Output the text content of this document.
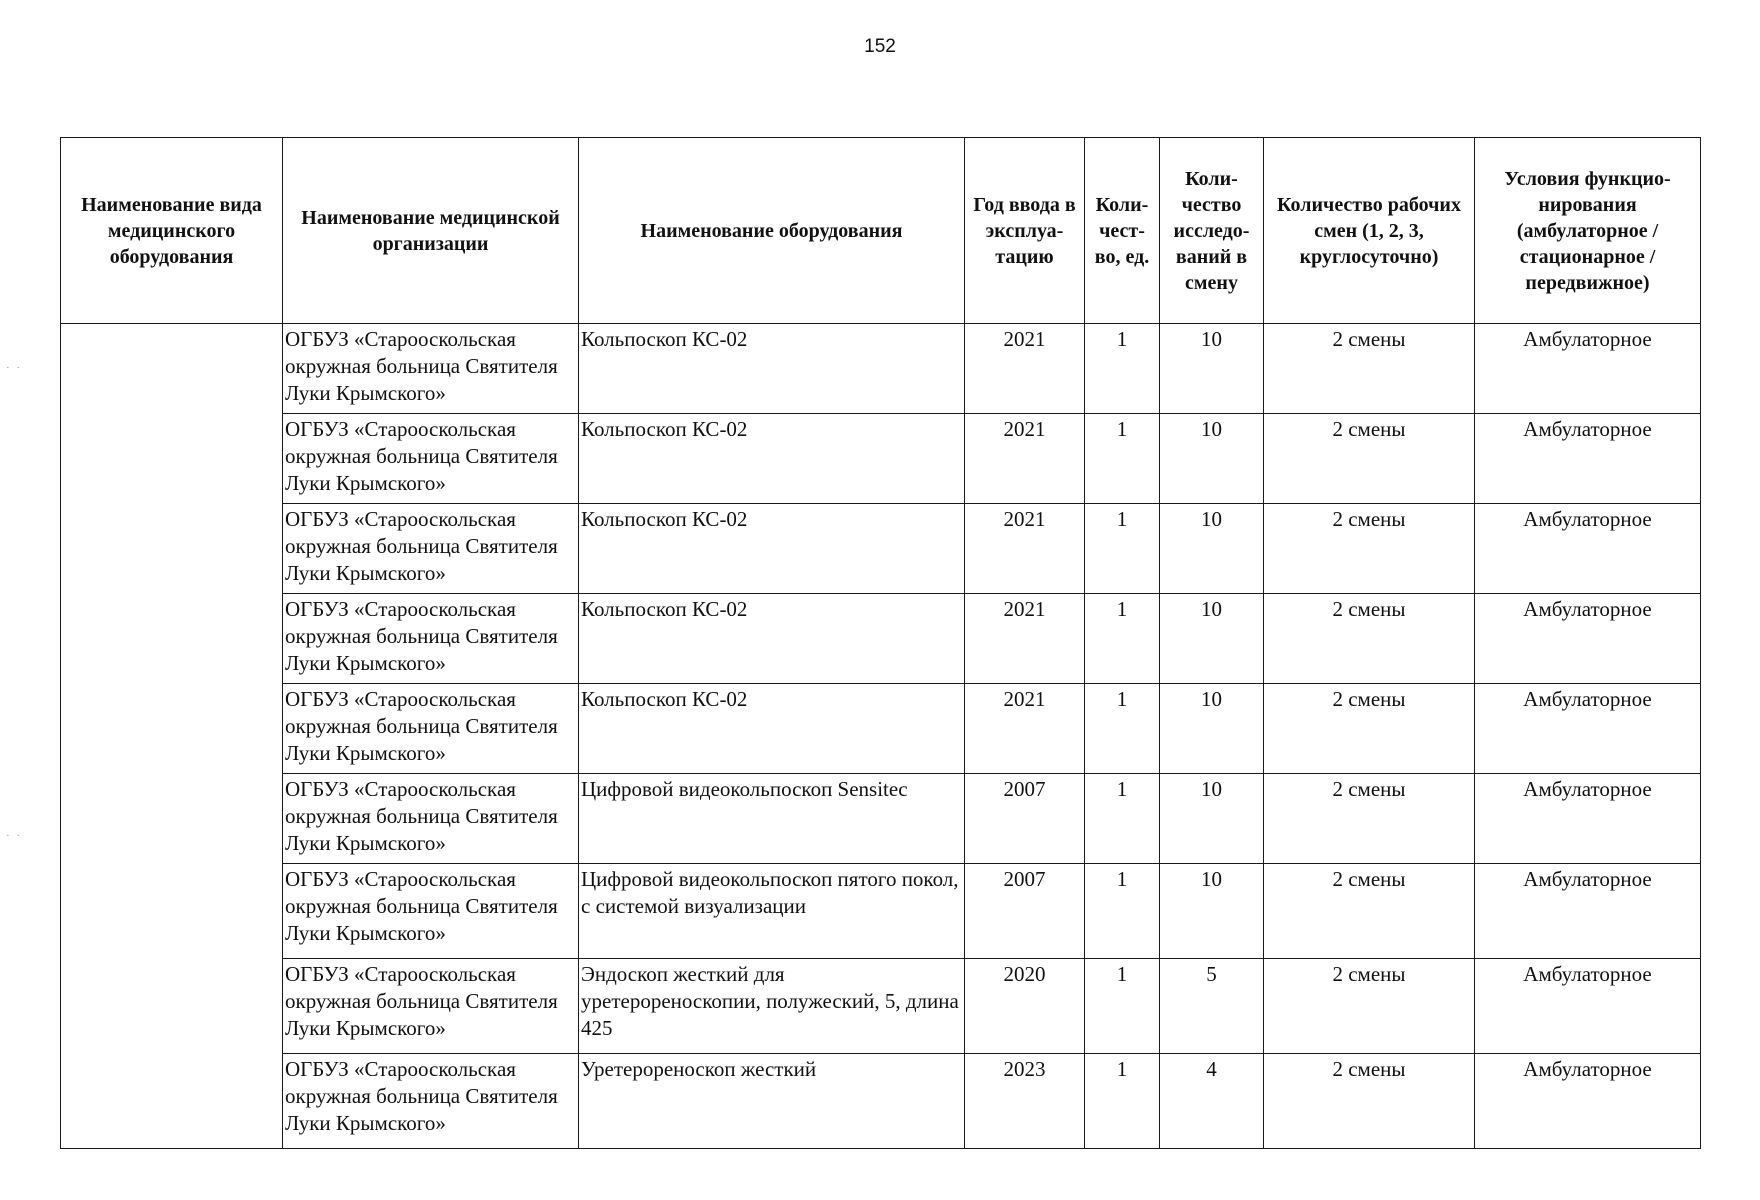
152
· ·
· ·
Наименование вида медицинского оборудования	Наименование медицинской организации	Наименование оборудования	Год ввода в эксплуа-тацию	Коли-чест-во, ед.	Коли-чество исследо-ваний в смену	Количество рабочих смен (1, 2, 3, круглосуточно)	Условия функцио-нирования (амбулаторное / стационарное / передвижное)
	ОГБУЗ «Старооскольская окружная больница Святителя Луки Крымского»	Кольпоскоп КС-02	2021	1	10	2 смены	Амбулаторное
	ОГБУЗ «Старооскольская окружная больница Святителя Луки Крымского»	Кольпоскоп КС-02	2021	1	10	2 смены	Амбулаторное
	ОГБУЗ «Старооскольская окружная больница Святителя Луки Крымского»	Кольпоскоп КС-02	2021	1	10	2 смены	Амбулаторное
	ОГБУЗ «Старооскольская окружная больница Святителя Луки Крымского»	Кольпоскоп КС-02	2021	1	10	2 смены	Амбулаторное
	ОГБУЗ «Старооскольская окружная больница Святителя Луки Крымского»	Кольпоскоп КС-02	2021	1	10	2 смены	Амбулаторное
	ОГБУЗ «Старооскольская окружная больница Святителя Луки Крымского»	Цифровой видеокольпоскоп Sensitec	2007	1	10	2 смены	Амбулаторное
	ОГБУЗ «Старооскольская окружная больница Святителя Луки Крымского»	Цифровой видеокольпоскоп пятого покол, с системой визуализации	2007	1	10	2 смены	Амбулаторное
	ОГБУЗ «Старооскольская окружная больница Святителя Луки Крымского»	Эндоскоп жесткий для уретерореноскопии, полужеский, 5, длина 425	2020	1	5	2 смены	Амбулаторное
	ОГБУЗ «Старооскольская окружная больница Святителя Луки Крымского»	Уретерореноскоп жесткий	2023	1	4	2 смены	Амбулаторное
